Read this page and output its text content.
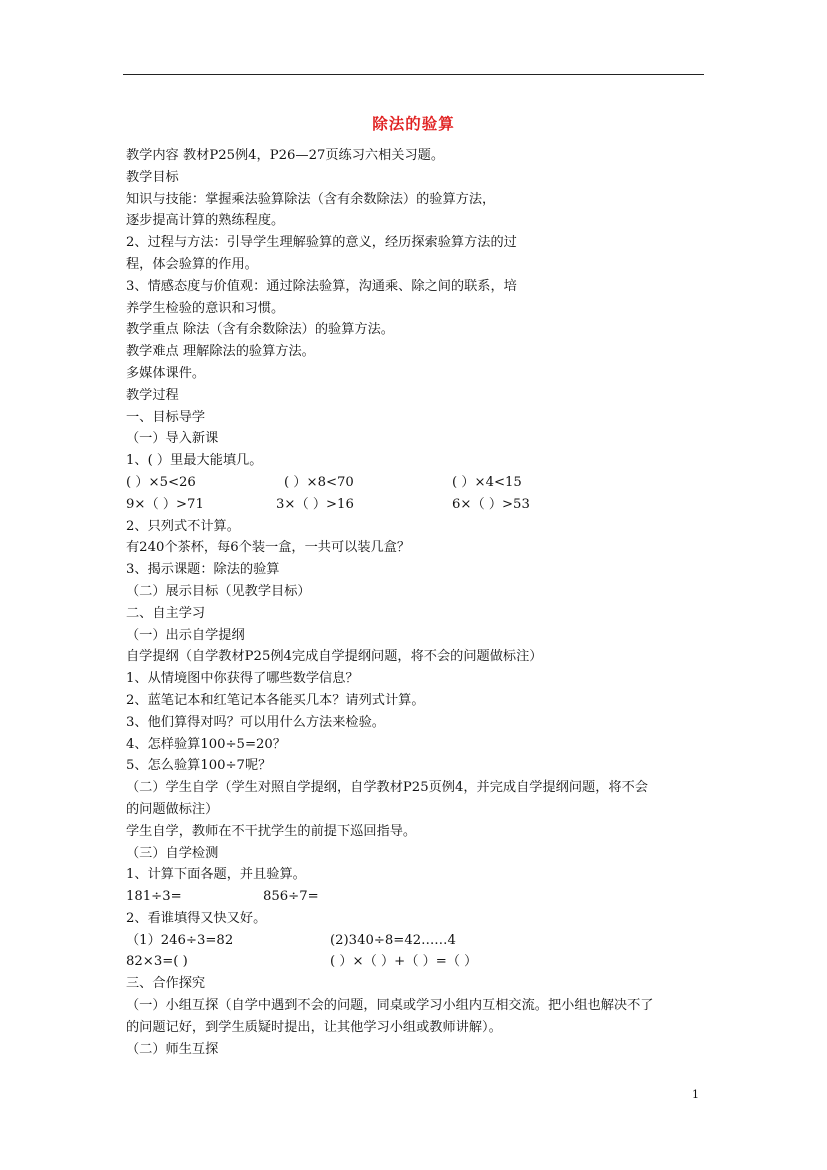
除法的验算
教学内容 教材P25例4，P26—27页练习六相关习题。
教学目标
知识与技能：掌握乘法验算除法（含有余数除法）的验算方法，
逐步提高计算的熟练程度。
2、过程与方法：引导学生理解验算的意义，经历探索验算方法的过
程，体会验算的作用。
3、情感态度与价值观：通过除法验算，沟通乘、除之间的联系，培
养学生检验的意识和习惯。
教学重点 除法（含有余数除法）的验算方法。
教学难点 理解除法的验算方法。
多媒体课件。
教学过程
一、目标导学
（一）导入新课
1、( ）里最大能填几。
( ）×5<26	( ）×8<70	( ）×4<15
9×（ ）>71	3×（ ）>16	6×（ ）>53
2、只列式不计算。
有240个茶杯，每6个装一盒，一共可以装几盒？
3、揭示课题：除法的验算
（二）展示目标（见教学目标）
二、自主学习
（一）出示自学提纲
自学提纲（自学教材P25例4完成自学提纲问题，将不会的问题做标注）
1、从情境图中你获得了哪些数学信息？
2、蓝笔记本和红笔记本各能买几本？请列式计算。
3、他们算得对吗？可以用什么方法来检验。
4、怎样验算100÷5=20？
5、怎么验算100÷7呢？
（二）学生自学（学生对照自学提纲，自学教材P25页例4，并完成自学提纲问题，将不会
的问题做标注）
学生自学，教师在不干扰学生的前提下巡回指导。
（三）自学检测
1、计算下面各题，并且验算。
181÷3=	856÷7=
2、看谁填得又快又好。
（1）246÷3=82	(2)340÷8=42……4
82×3=( )	( ）×（ ）+（ ）=（ ）
三、合作探究
（一）小组互探（自学中遇到不会的问题，同桌或学习小组内互相交流。把小组也解决不了
的问题记好，到学生质疑时提出，让其他学习小组或教师讲解）。
（二）师生互探
1
